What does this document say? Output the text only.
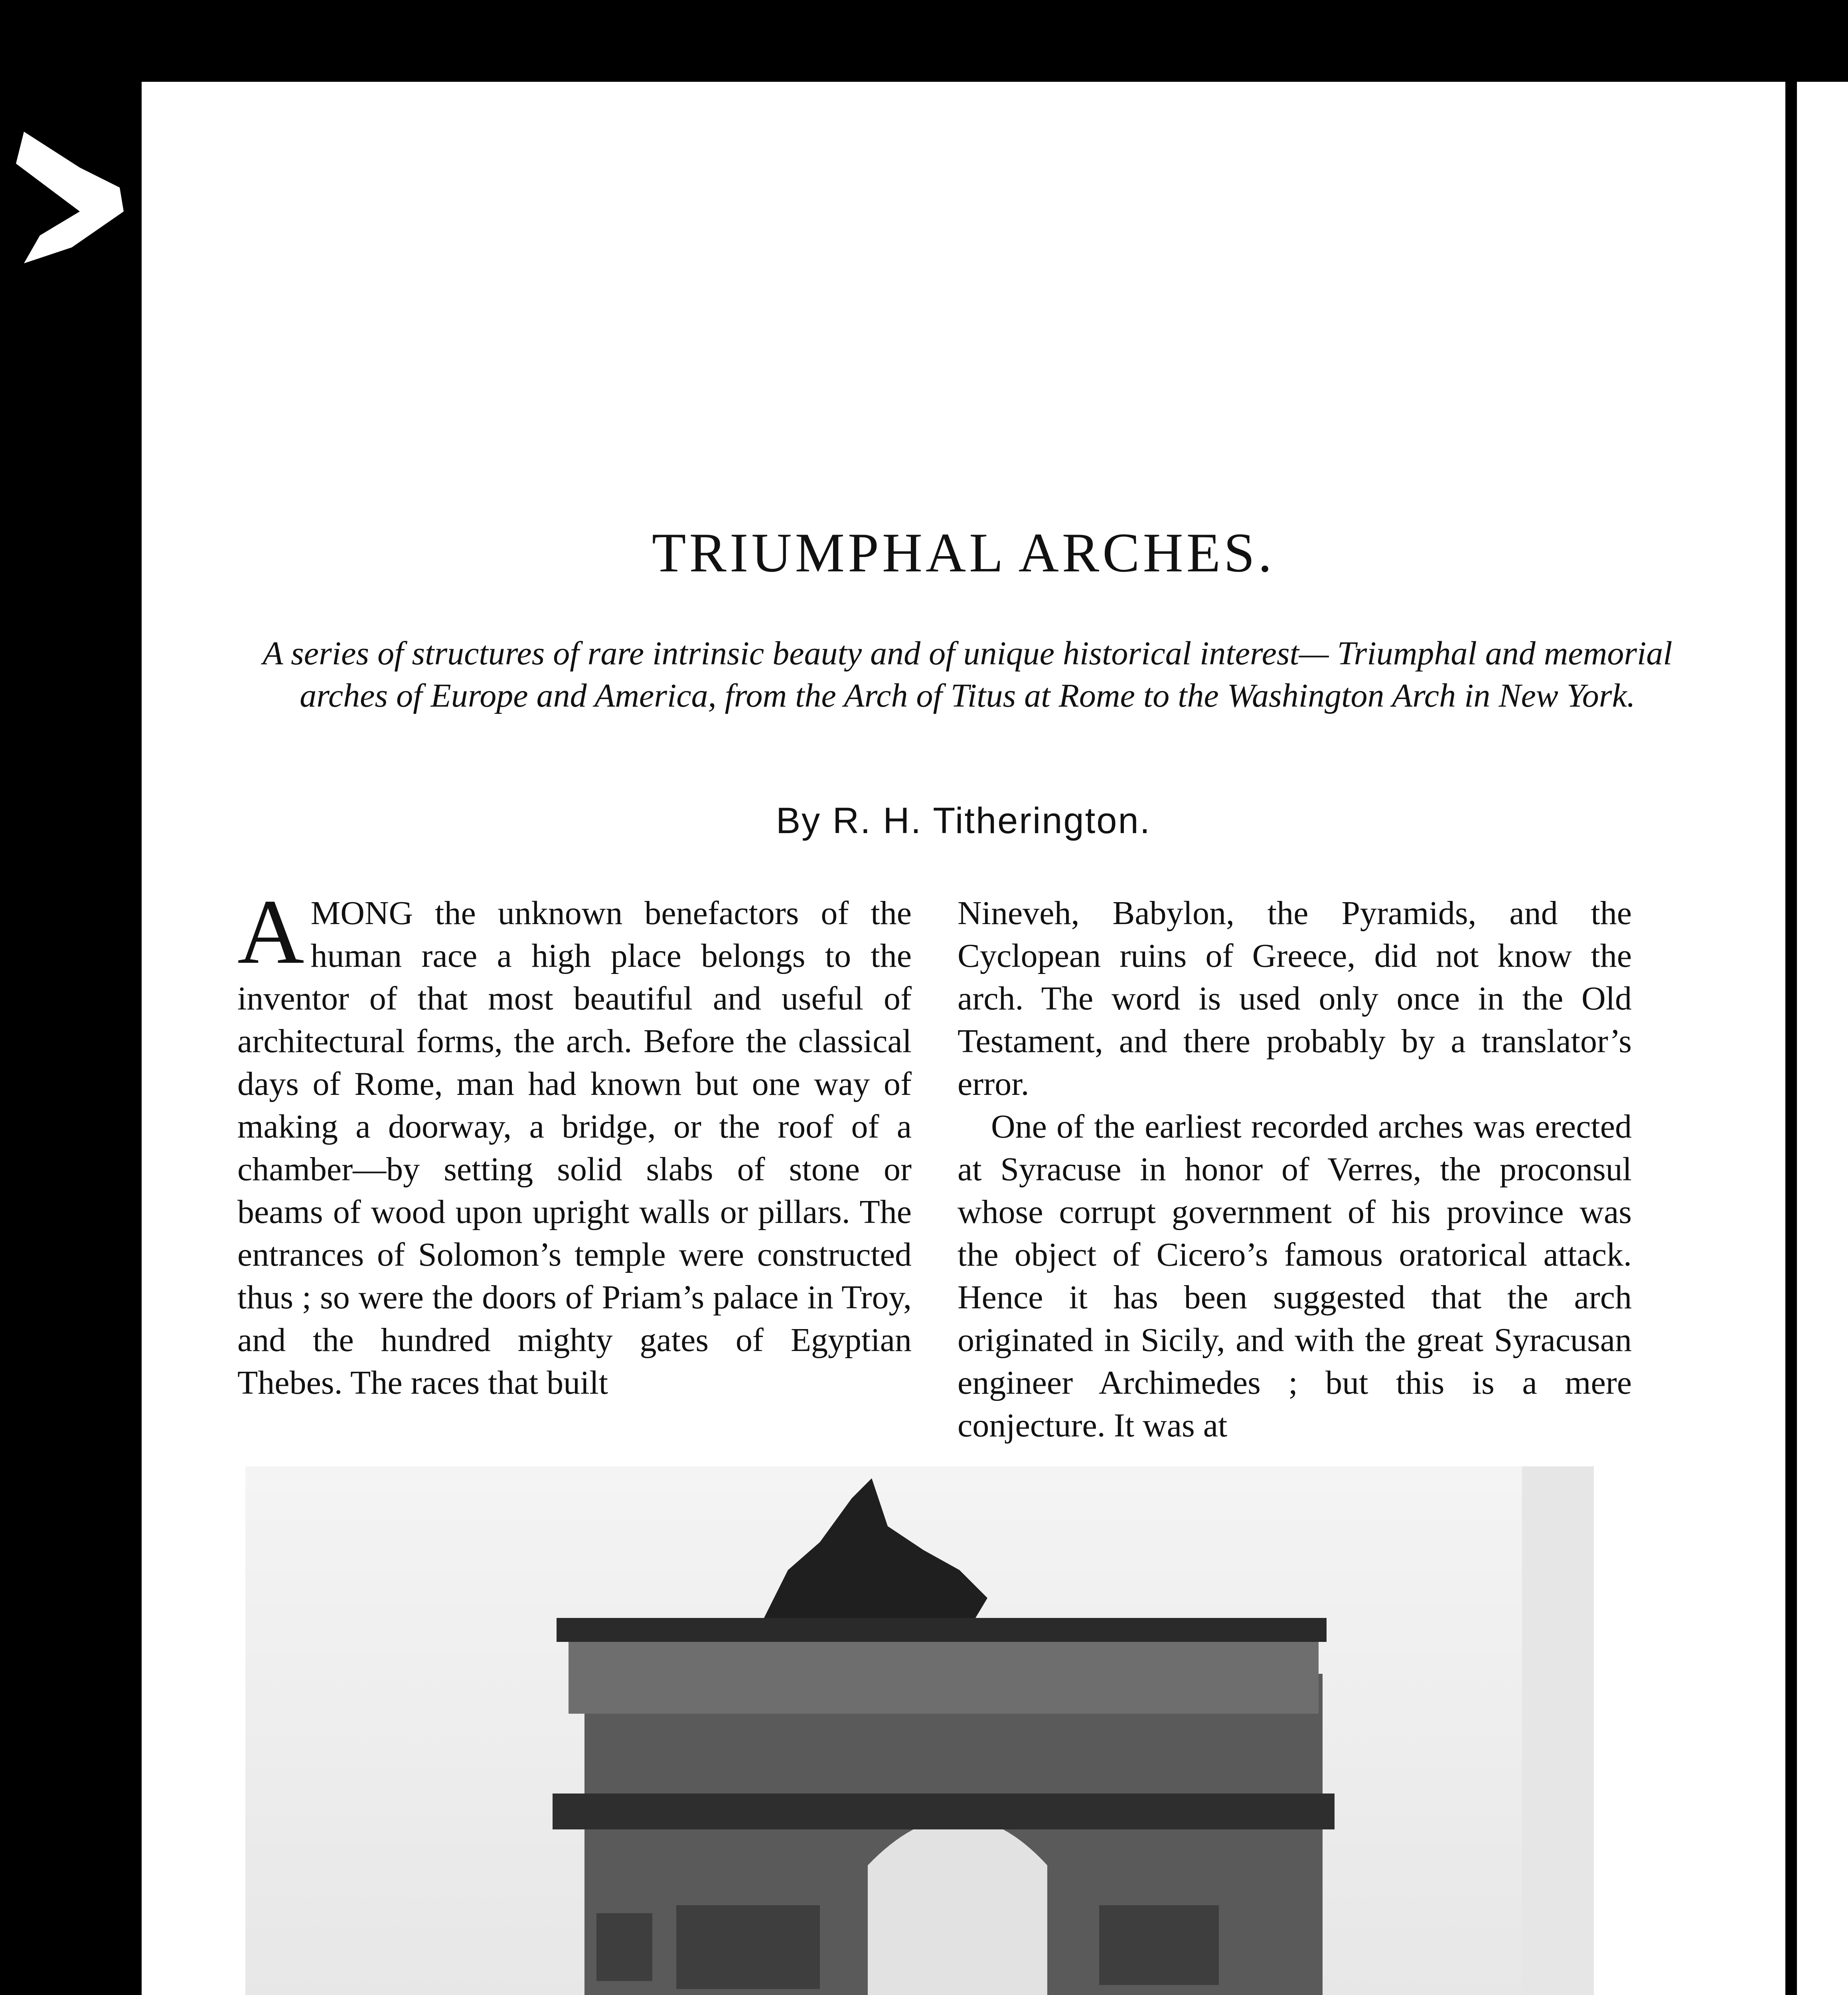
TRIUMPHAL ARCHES.
A series of structures of rare intrinsic beauty and of unique historical interest— Triumphal and memorial arches of Europe and America, from the Arch of Titus at Rome to the Washington Arch in New York.
By R. H. Titherington.

AMONG the unknown benefactors of the human race a high place belongs to the inventor of that most beautiful and useful of architectural forms, the arch. Before the classical days of Rome, man had known but one way of making a doorway, a bridge, or the roof of a chamber—by setting solid slabs of stone or beams of wood upon upright walls or pillars. The entrances of Solomon’s temple were constructed thus ; so were the doors of Priam’s palace in Troy, and the hundred mighty gates of Egyptian Thebes. The races that built

Nineveh, Babylon, the Pyramids, and the Cyclopean ruins of Greece, did not know the arch. The word is used only once in the Old Testament, and there probably by a translator’s error.

One of the earliest recorded arches was erected at Syracuse in honor of Verres, the proconsul whose corrupt government of his province was the object of Cicero’s famous oratorical attack. Hence it has been suggested that the arch originated in Sicily, and with the great Syracusan engineer Archimedes ; but this is a mere conjecture. It was at
